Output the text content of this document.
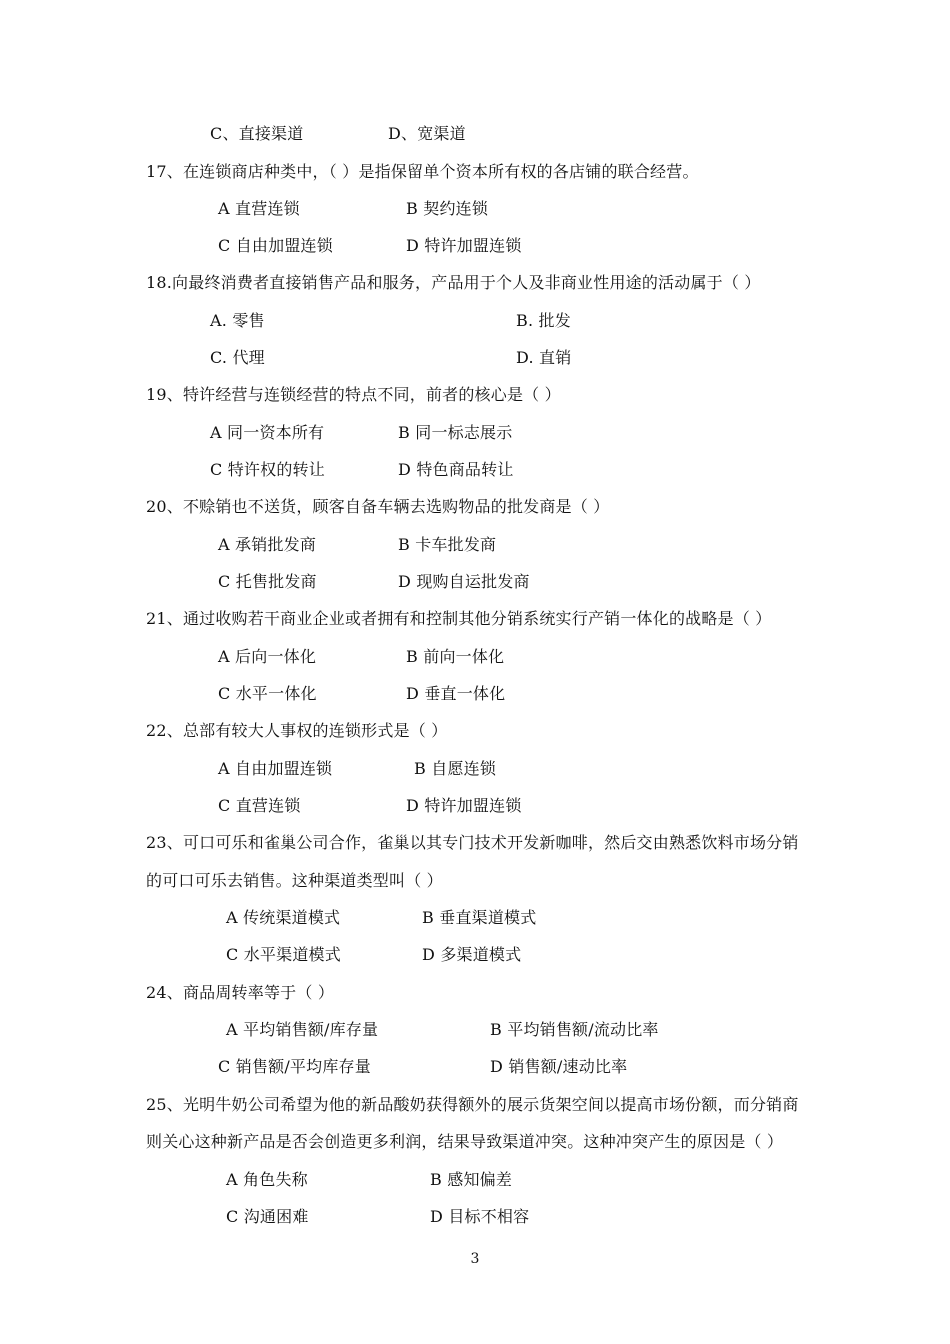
C、直接渠道	D、宽渠道
17、在连锁商店种类中，（ ）是指保留单个资本所有权的各店铺的联合经营。
A 直营连锁	B 契约连锁
C 自由加盟连锁	D 特许加盟连锁
18.向最终消费者直接销售产品和服务，产品用于个人及非商业性用途的活动属于（ ）
A. 零售	B. 批发
C. 代理	D. 直销
19、特许经营与连锁经营的特点不同，前者的核心是（ ）
A 同一资本所有	B 同一标志展示
C 特许权的转让	D 特色商品转让
20、不赊销也不送货，顾客自备车辆去选购物品的批发商是（ ）
A 承销批发商	B 卡车批发商
C 托售批发商	D 现购自运批发商
21、通过收购若干商业企业或者拥有和控制其他分销系统实行产销一体化的战略是（ ）
A 后向一体化	B 前向一体化
C 水平一体化	D 垂直一体化
22、总部有较大人事权的连锁形式是（ ）
A 自由加盟连锁	B 自愿连锁
C 直营连锁	D 特许加盟连锁
23、可口可乐和雀巢公司合作，雀巢以其专门技术开发新咖啡，然后交由熟悉饮料市场分销
的可口可乐去销售。这种渠道类型叫（ ）
A 传统渠道模式	B 垂直渠道模式
C 水平渠道模式	D 多渠道模式
24、商品周转率等于（ ）
A 平均销售额/库存量	B 平均销售额/流动比率
C 销售额/平均库存量	D 销售额/速动比率
25、光明牛奶公司希望为他的新品酸奶获得额外的展示货架空间以提高市场份额，而分销商
则关心这种新产品是否会创造更多利润，结果导致渠道冲突。这种冲突产生的原因是（ ）
A 角色失称	B 感知偏差
C 沟通困难	D 目标不相容
3
